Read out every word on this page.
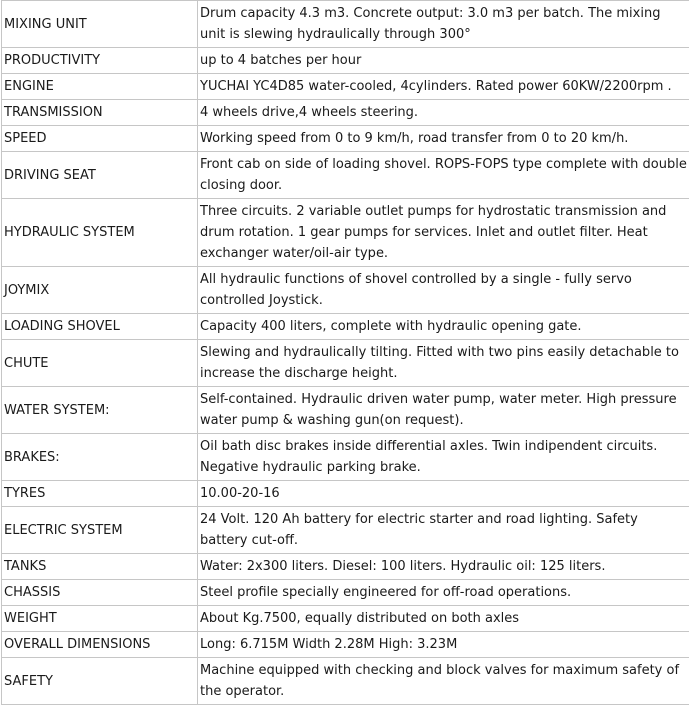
MIXING UNIT	Drum capacity 4.3 m3. Concrete output: 3.0 m3 per batch. The mixing unit is slewing hydraulically through 300°
PRODUCTIVITY	up to 4 batches per hour
ENGINE	YUCHAI YC4D85 water-cooled, 4cylinders. Rated power 60KW/2200rpm .
TRANSMISSION	4 wheels drive,4 wheels steering.
SPEED	Working speed from 0 to 9 km/h, road transfer from 0 to 20 km/h.
DRIVING SEAT	Front cab on side of loading shovel. ROPS-FOPS type complete with double closing door.
HYDRAULIC SYSTEM	Three circuits. 2 variable outlet pumps for hydrostatic transmission and drum rotation. 1 gear pumps for services. Inlet and outlet filter. Heat exchanger water/oil-air type.
JOYMIX	All hydraulic functions of shovel controlled by a single - fully servo controlled Joystick.
LOADING SHOVEL	Capacity 400 liters, complete with hydraulic opening gate.
CHUTE	Slewing and hydraulically tilting. Fitted with two pins easily detachable to increase the discharge height.
WATER SYSTEM:	Self-contained. Hydraulic driven water pump, water meter. High pressure water pump & washing gun(on request).
BRAKES:	Oil bath disc brakes inside differential axles. Twin indipendent circuits. Negative hydraulic parking brake.
TYRES	10.00-20-16
ELECTRIC SYSTEM	24 Volt. 120 Ah battery for electric starter and road lighting. Safety battery cut-off.
TANKS	Water: 2x300 liters. Diesel: 100 liters. Hydraulic oil: 125 liters.
CHASSIS	Steel profile specially engineered for off-road operations.
WEIGHT	About Kg.7500, equally distributed on both axles
OVERALL DIMENSIONS	Long: 6.715M Width 2.28M High: 3.23M
SAFETY	Machine equipped with checking and block valves for maximum safety of the operator.
